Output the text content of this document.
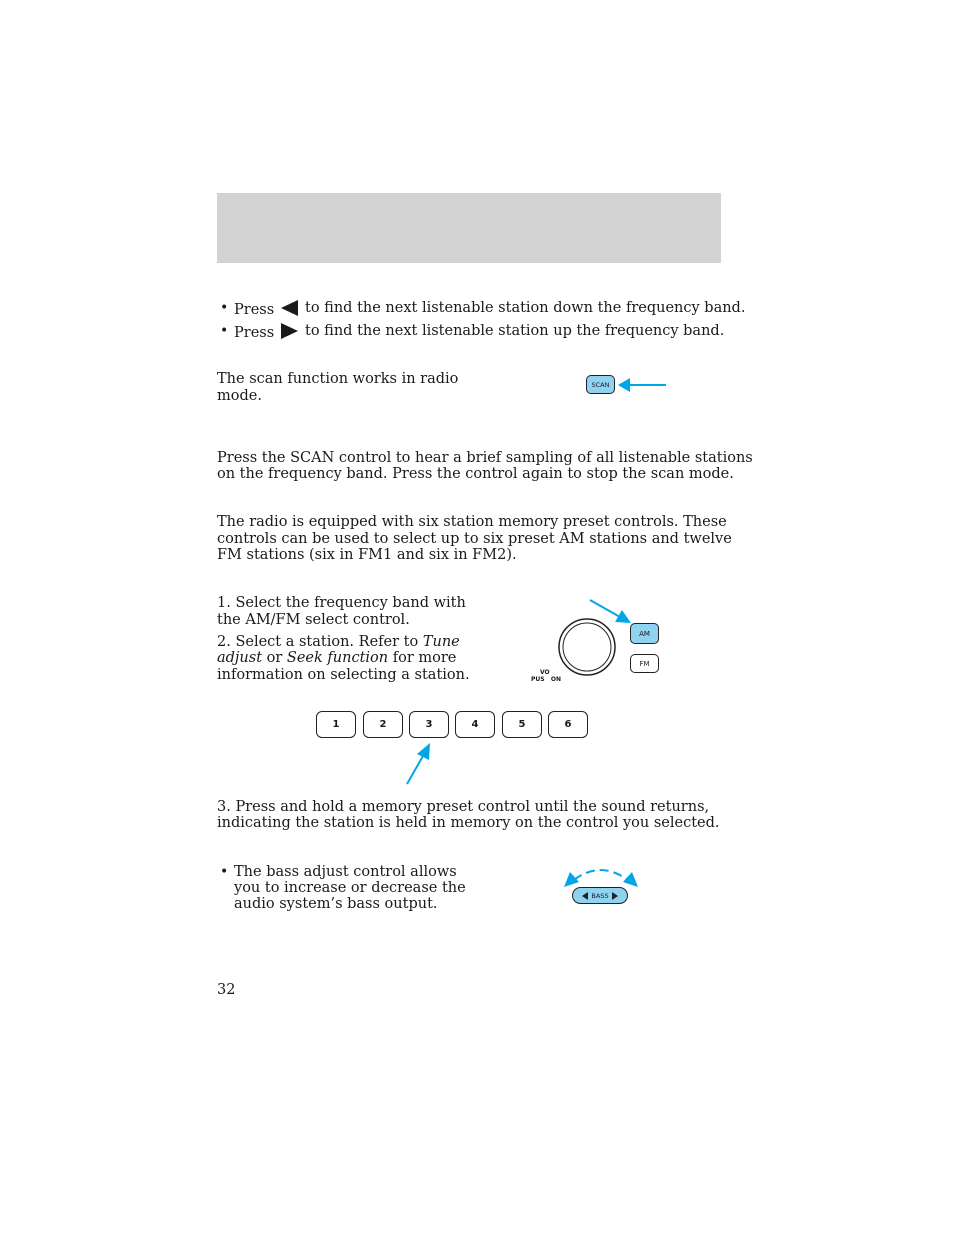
• Press	to find the next listenable station down the frequency band.

• Press	to find the next listenable station up the frequency band.

The scan function works in radio

mode.

SCAN

Press the SCAN control to hear a brief sampling of all listenable stations

on the frequency band. Press the control again to stop the scan mode.

The radio is equipped with six station memory preset controls. These

controls can be used to select up to six preset AM stations and twelve

FM stations (six in FM1 and six in FM2).

1. Select the frequency band with

the AM/FM select control.

2. Select a station. Refer to Tune

adjust or Seek function for more

information on selecting a station.	VO
PUS   ON
AM
FM
1	2	3	4	5	6

3. Press and hold a memory preset control until the sound returns,

indicating the station is held in memory on the control you selected.

• The bass adjust control allows

you to increase or decrease the

audio system’s bass output.

BASS

32
